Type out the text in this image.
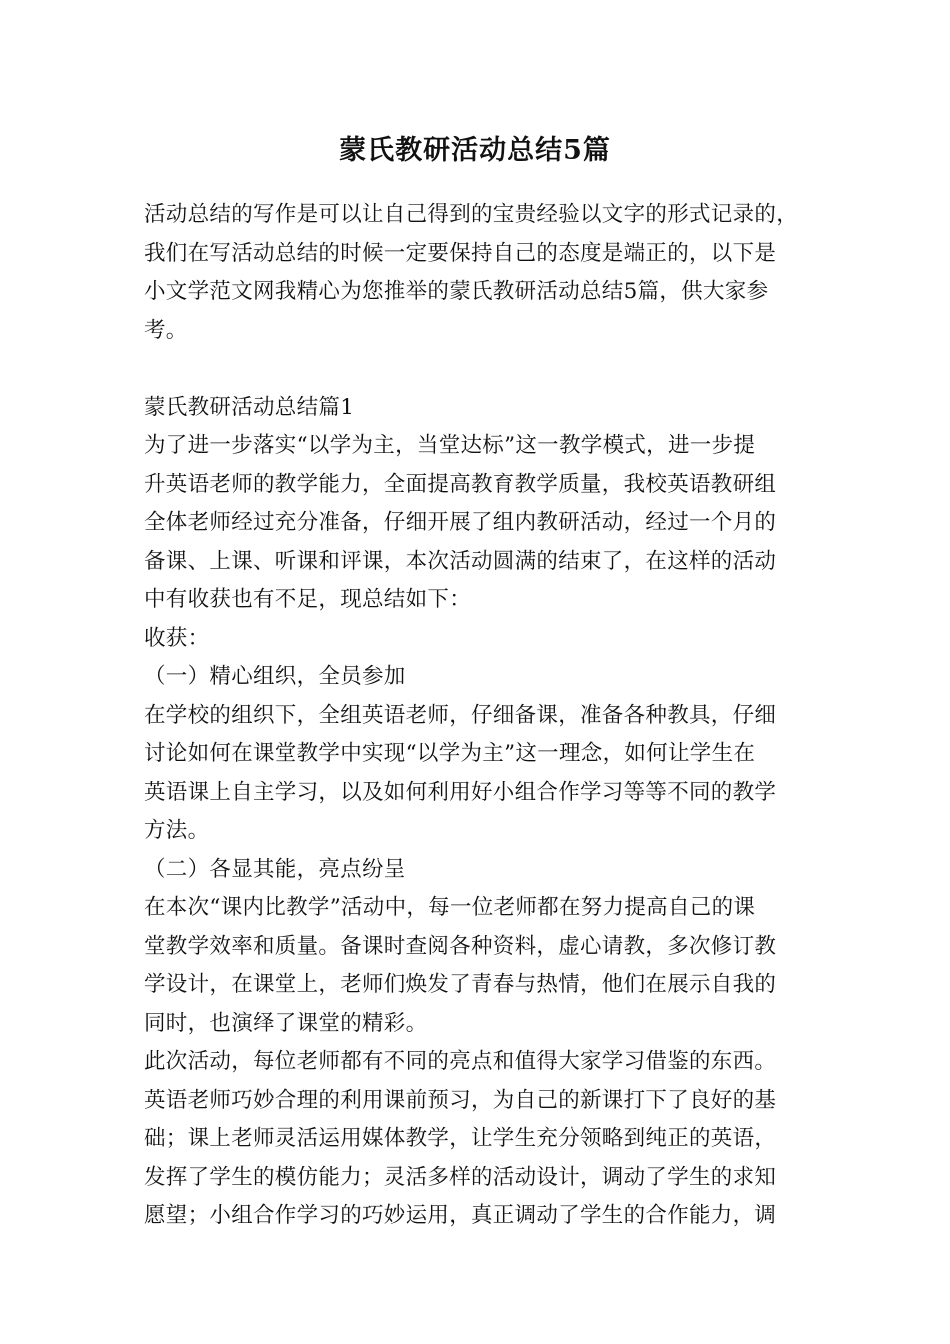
蒙氏教研活动总结5篇
活动总结的写作是可以让自己得到的宝贵经验以文字的形式记录的，
我们在写活动总结的时候一定要保持自己的态度是端正的，以下是
小文学范文网我精心为您推举的蒙氏教研活动总结5篇，供大家参
考。
蒙氏教研活动总结篇1
为了进一步落实“以学为主，当堂达标”这一教学模式，进一步提
升英语老师的教学能力，全面提高教育教学质量，我校英语教研组
全体老师经过充分准备，仔细开展了组内教研活动，经过一个月的
备课、上课、听课和评课，本次活动圆满的结束了，在这样的活动
中有收获也有不足，现总结如下：
收获：
（一）精心组织，全员参加
在学校的组织下，全组英语老师，仔细备课，准备各种教具，仔细
讨论如何在课堂教学中实现“以学为主”这一理念，如何让学生在
英语课上自主学习，以及如何利用好小组合作学习等等不同的教学
方法。
（二）各显其能，亮点纷呈
在本次“课内比教学”活动中，每一位老师都在努力提高自己的课
堂教学效率和质量。备课时查阅各种资料，虚心请教，多次修订教
学设计，在课堂上，老师们焕发了青春与热情，他们在展示自我的
同时，也演绎了课堂的精彩。
此次活动，每位老师都有不同的亮点和值得大家学习借鉴的东西。
英语老师巧妙合理的利用课前预习，为自己的新课打下了良好的基
础；课上老师灵活运用媒体教学，让学生充分领略到纯正的英语，
发挥了学生的模仿能力；灵活多样的活动设计，调动了学生的求知
愿望；小组合作学习的巧妙运用，真正调动了学生的合作能力，调
